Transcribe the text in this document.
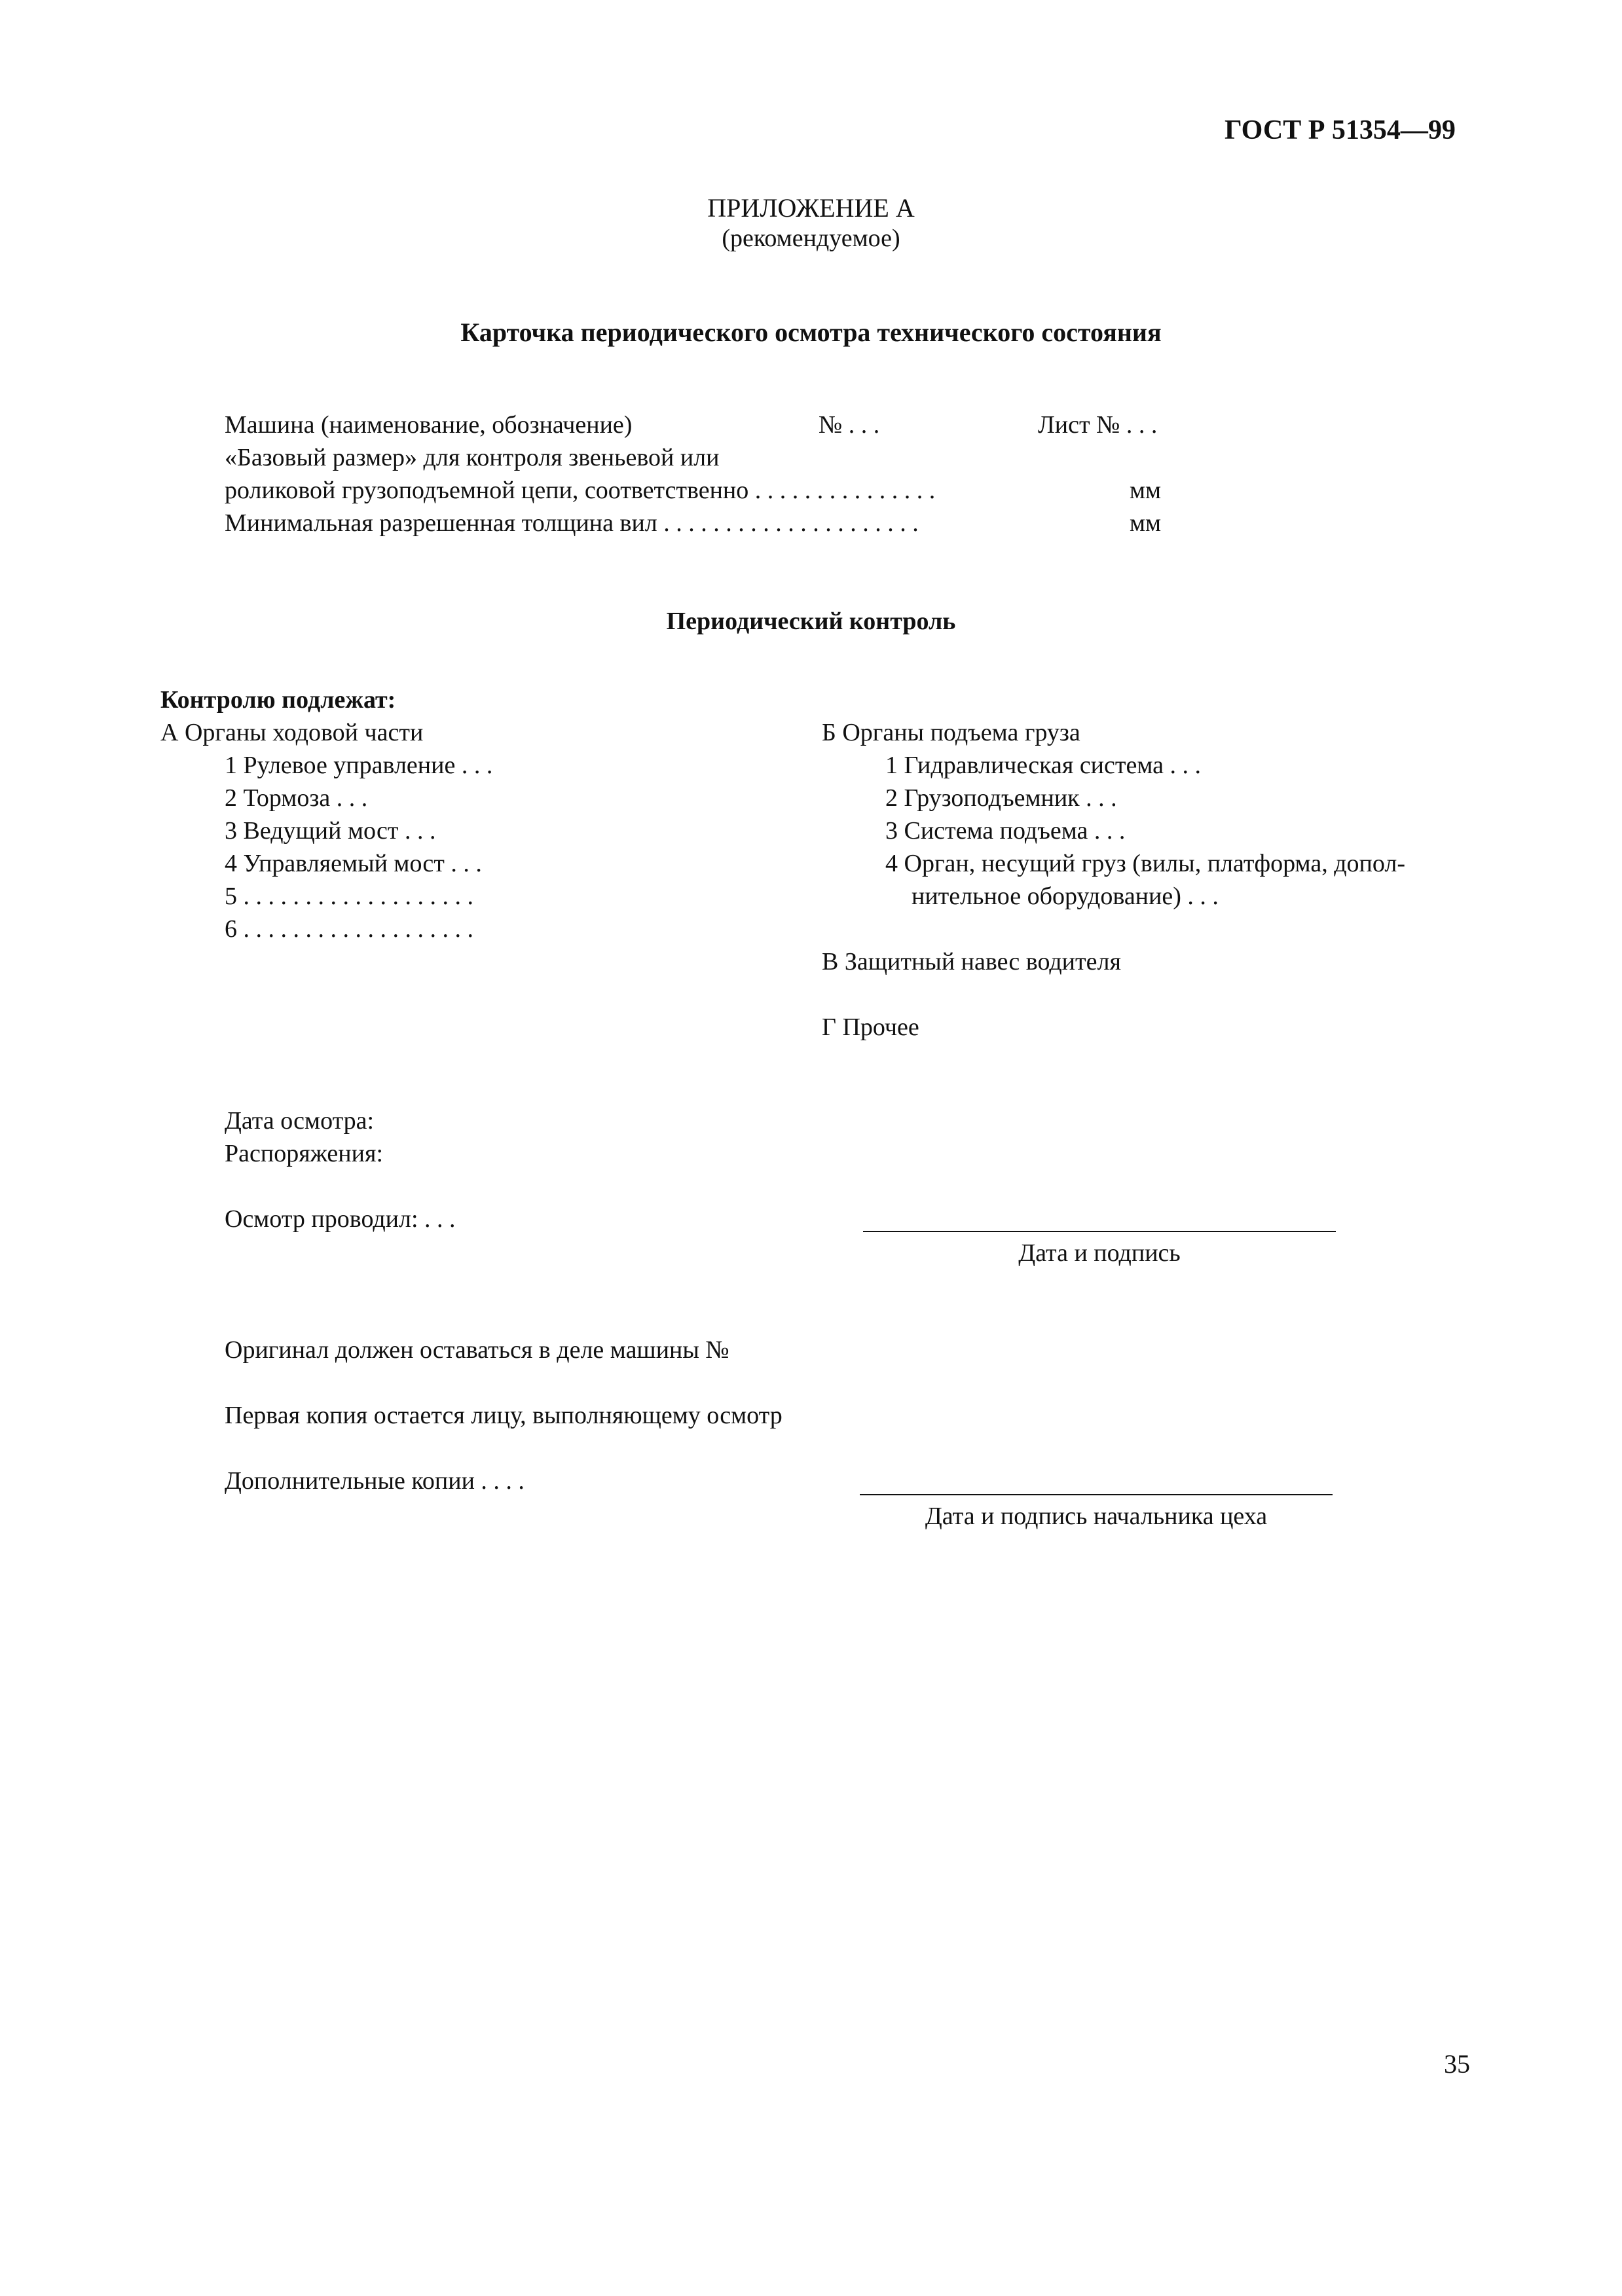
ГОСТ Р 51354—99
ПРИЛОЖЕНИЕ А
(рекомендуемое)
Карточка периодического осмотра технического состояния
Машина (наименование, обозначение)	№ . . .	Лист № . . .
«Базовый размер» для контроля звеньевой или
роликовой грузоподъемной цепи, соответственно . . . . . . . . . . . . . . .	мм
Минимальная разрешенная толщина вил . . . . . . . . . . . . . . . . . . . . .	мм
Периодический контроль
Контролю подлежат:
А Органы ходовой части
1 Рулевое управление . . .
2 Тормоза . . .
3 Ведущий мост . . .
4 Управляемый мост . . .
5 . . . . . . . . . . . . . . . . . . .
6 . . . . . . . . . . . . . . . . . . .
Б Органы подъема груза
1 Гидравлическая система . . .
2 Грузоподъемник . . .
3 Система подъема . . .
4 Орган, несущий груз (вилы, платформа, допол-
нительное оборудование) . . .
В Защитный навес водителя
Г Прочее
Дата осмотра:
Распоряжения:
Осмотр проводил: . . .
Дата и подпись
Оригинал должен оставаться в деле машины №
Первая копия остается лицу, выполняющему осмотр
Дополнительные копии . . . .
Дата и подпись начальника цеха
35
